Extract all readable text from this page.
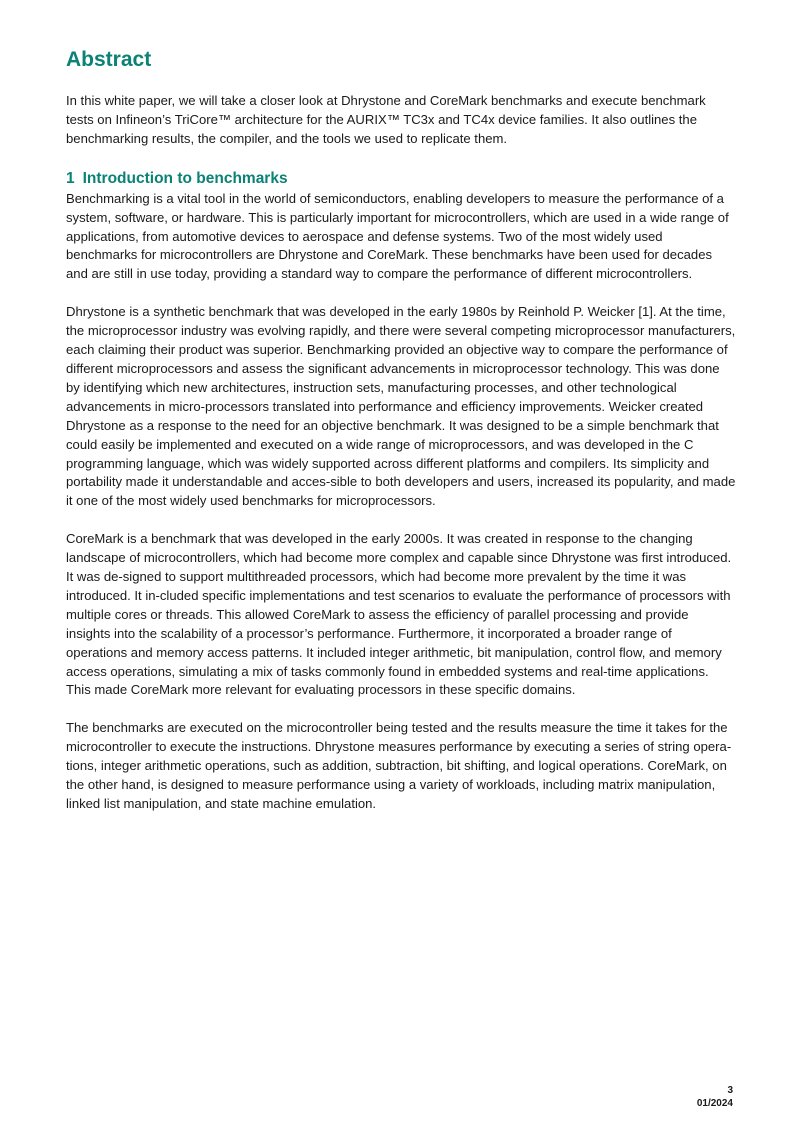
Abstract

In this white paper, we will take a closer look at Dhrystone and CoreMark benchmarks and execute benchmark tests on Infineon’s TriCore™ architecture for the AURIX™ TC3x and TC4x device families. It also outlines the benchmarking results, the compiler, and the tools we used to replicate them.

1 Introduction to benchmarks

Benchmarking is a vital tool in the world of semiconductors, enabling developers to measure the performance of a system, software, or hardware. This is particularly important for microcontrollers, which are used in a wide range of applications, from automotive devices to aerospace and defense systems. Two of the most widely used benchmarks for microcontrollers are Dhrystone and CoreMark. These benchmarks have been used for decades and are still in use today, providing a standard way to compare the performance of different microcontrollers.

Dhrystone is a synthetic benchmark that was developed in the early 1980s by Reinhold P. Weicker [1]. At the time, the microprocessor industry was evolving rapidly, and there were several competing microprocessor manufacturers, each claiming their product was superior. Benchmarking provided an objective way to compare the performance of different microprocessors and assess the significant advancements in microprocessor technology. This was done by identifying which new architectures, instruction sets, manufacturing processes, and other technological advancements in micro-processors translated into performance and efficiency improvements. Weicker created Dhrystone as a response to the need for an objective benchmark. It was designed to be a simple benchmark that could easily be implemented and executed on a wide range of microprocessors, and was developed in the C programming language, which was widely supported across different platforms and compilers. Its simplicity and portability made it understandable and acces-sible to both developers and users, increased its popularity, and made it one of the most widely used benchmarks for microprocessors.

CoreMark is a benchmark that was developed in the early 2000s. It was created in response to the changing landscape of microcontrollers, which had become more complex and capable since Dhrystone was first introduced. It was de-signed to support multithreaded processors, which had become more prevalent by the time it was introduced. It in-cluded specific implementations and test scenarios to evaluate the performance of processors with multiple cores or threads. This allowed CoreMark to assess the efficiency of parallel processing and provide insights into the scalability of a processor’s performance. Furthermore, it incorporated a broader range of operations and memory access patterns. It included integer arithmetic, bit manipulation, control flow, and memory access operations, simulating a mix of tasks commonly found in embedded systems and real-time applications. This made CoreMark more relevant for evaluating processors in these specific domains.

The benchmarks are executed on the microcontroller being tested and the results measure the time it takes for the microcontroller to execute the instructions. Dhrystone measures performance by executing a series of string opera-tions, integer arithmetic operations, such as addition, subtraction, bit shifting, and logical operations. CoreMark, on the other hand, is designed to measure performance using a variety of workloads, including matrix manipulation, linked list manipulation, and state machine emulation.

3
01/2024
